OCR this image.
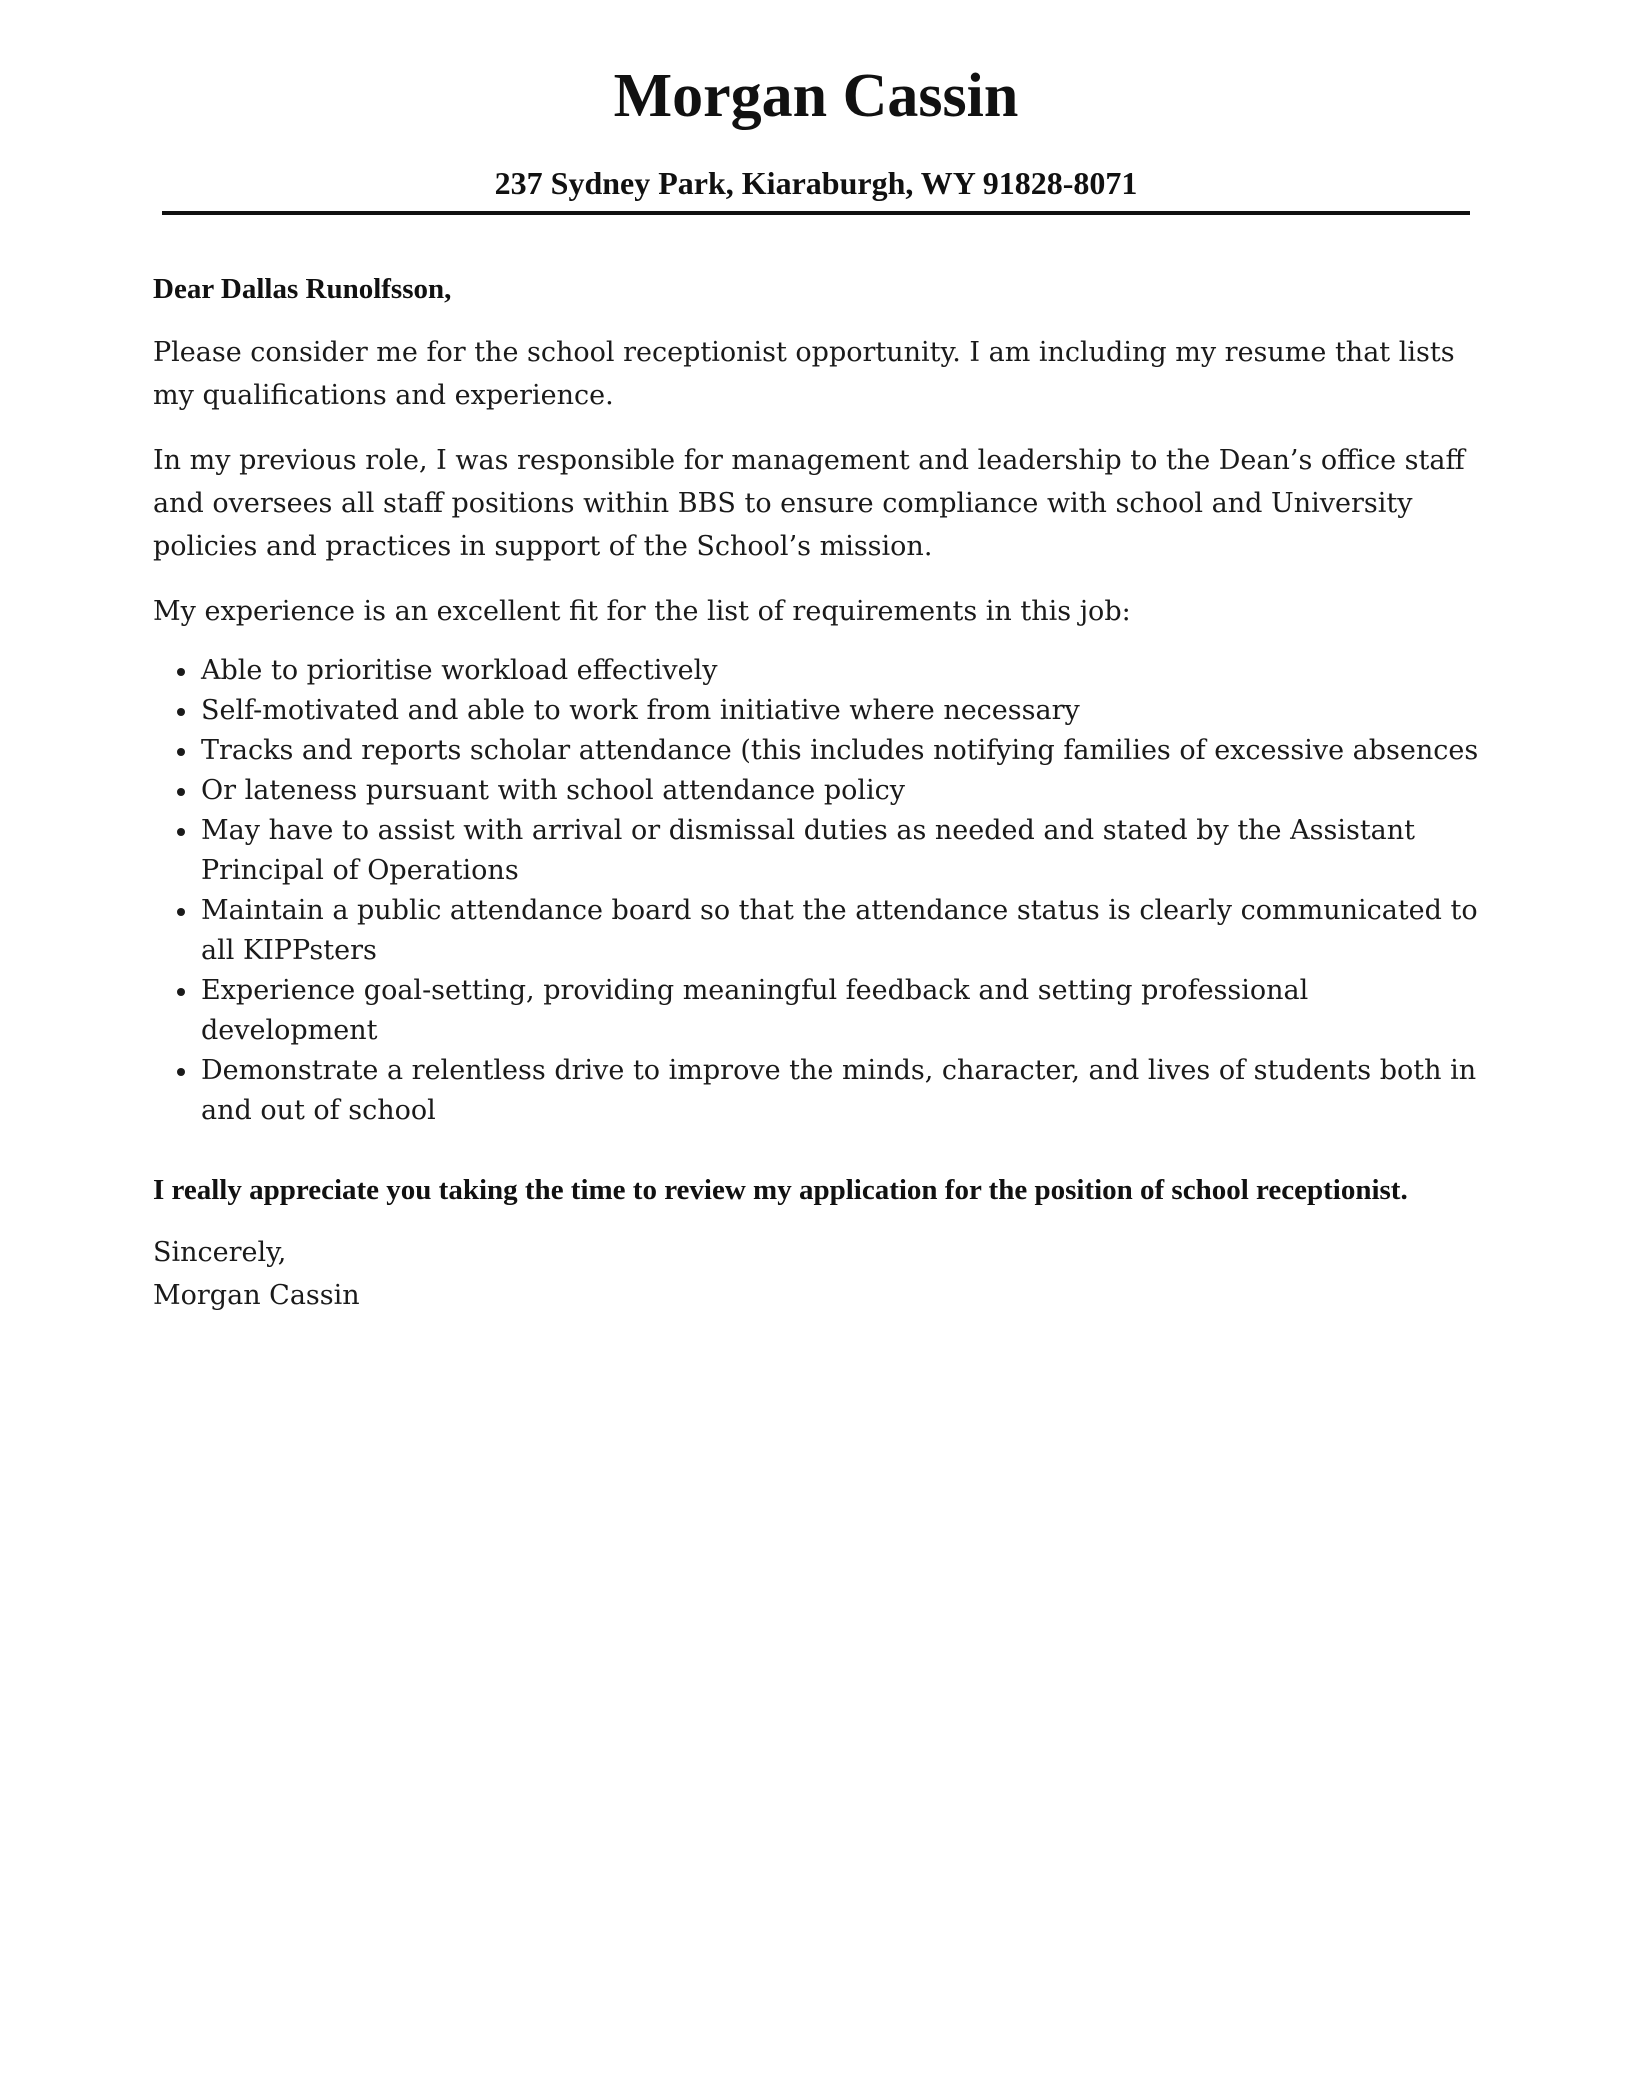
Morgan Cassin
237 Sydney Park, Kiaraburgh, WY 91828-8071

Dear Dallas Runolfsson,

Please consider me for the school receptionist opportunity. I am including my resume that lists my qualifications and experience.

In my previous role, I was responsible for management and leadership to the Dean’s office staff and oversees all staff positions within BBS to ensure compliance with school and University policies and practices in support of the School’s mission.

My experience is an excellent fit for the list of requirements in this job:

Able to prioritise workload effectively
Self-motivated and able to work from initiative where necessary
Tracks and reports scholar attendance (this includes notifying families of excessive absences
Or lateness pursuant with school attendance policy
May have to assist with arrival or dismissal duties as needed and stated by the Assistant Principal of Operations
Maintain a public attendance board so that the attendance status is clearly communicated to all KIPPsters
Experience goal-setting, providing meaningful feedback and setting professional development
Demonstrate a relentless drive to improve the minds, character, and lives of students both in and out of school

I really appreciate you taking the time to review my application for the position of school receptionist.

Sincerely,

Morgan Cassin
